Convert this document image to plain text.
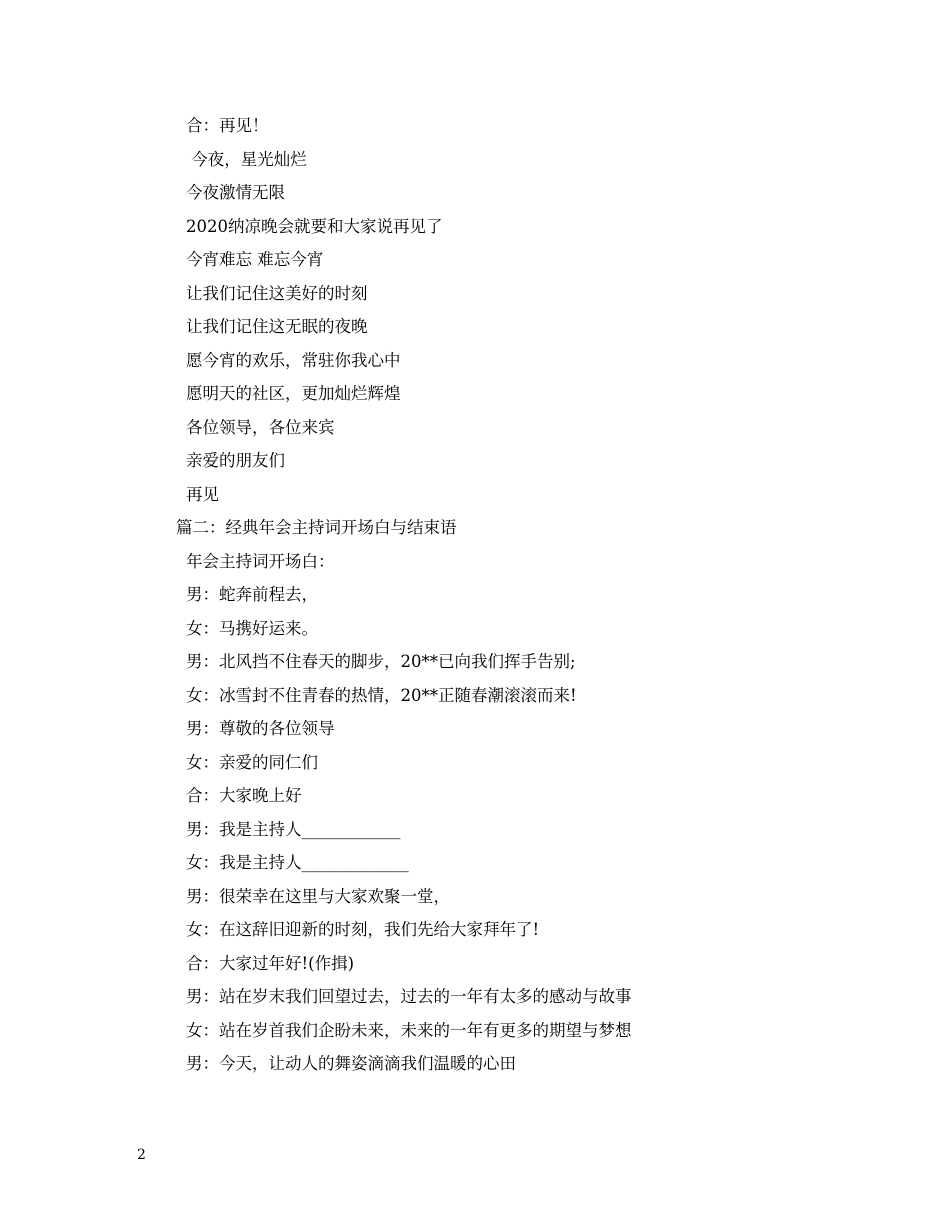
合：再见！
今夜，星光灿烂
今夜激情无限
2020纳凉晚会就要和大家说再见了
今宵难忘 难忘今宵
让我们记住这美好的时刻
让我们记住这无眠的夜晚
愿今宵的欢乐，常驻你我心中
愿明天的社区，更加灿烂辉煌
各位领导，各位来宾
亲爱的朋友们
再见
篇二：经典年会主持词开场白与结束语
年会主持词开场白：
男：蛇奔前程去，
女：马携好运来。
男：北风挡不住春天的脚步，20**已向我们挥手告别;
女：冰雪封不住青春的热情，20**正随春潮滚滚而来!
男：尊敬的各位领导
女：亲爱的同仁们
合：大家晚上好
男：我是主持人____________
女：我是主持人_____________
男：很荣幸在这里与大家欢聚一堂，
女：在这辞旧迎新的时刻，我们先给大家拜年了!
合：大家过年好!(作揖)
男：站在岁末我们回望过去，过去的一年有太多的感动与故事
女：站在岁首我们企盼未来，未来的一年有更多的期望与梦想
男：今天，让动人的舞姿滴滴我们温暖的心田
2
